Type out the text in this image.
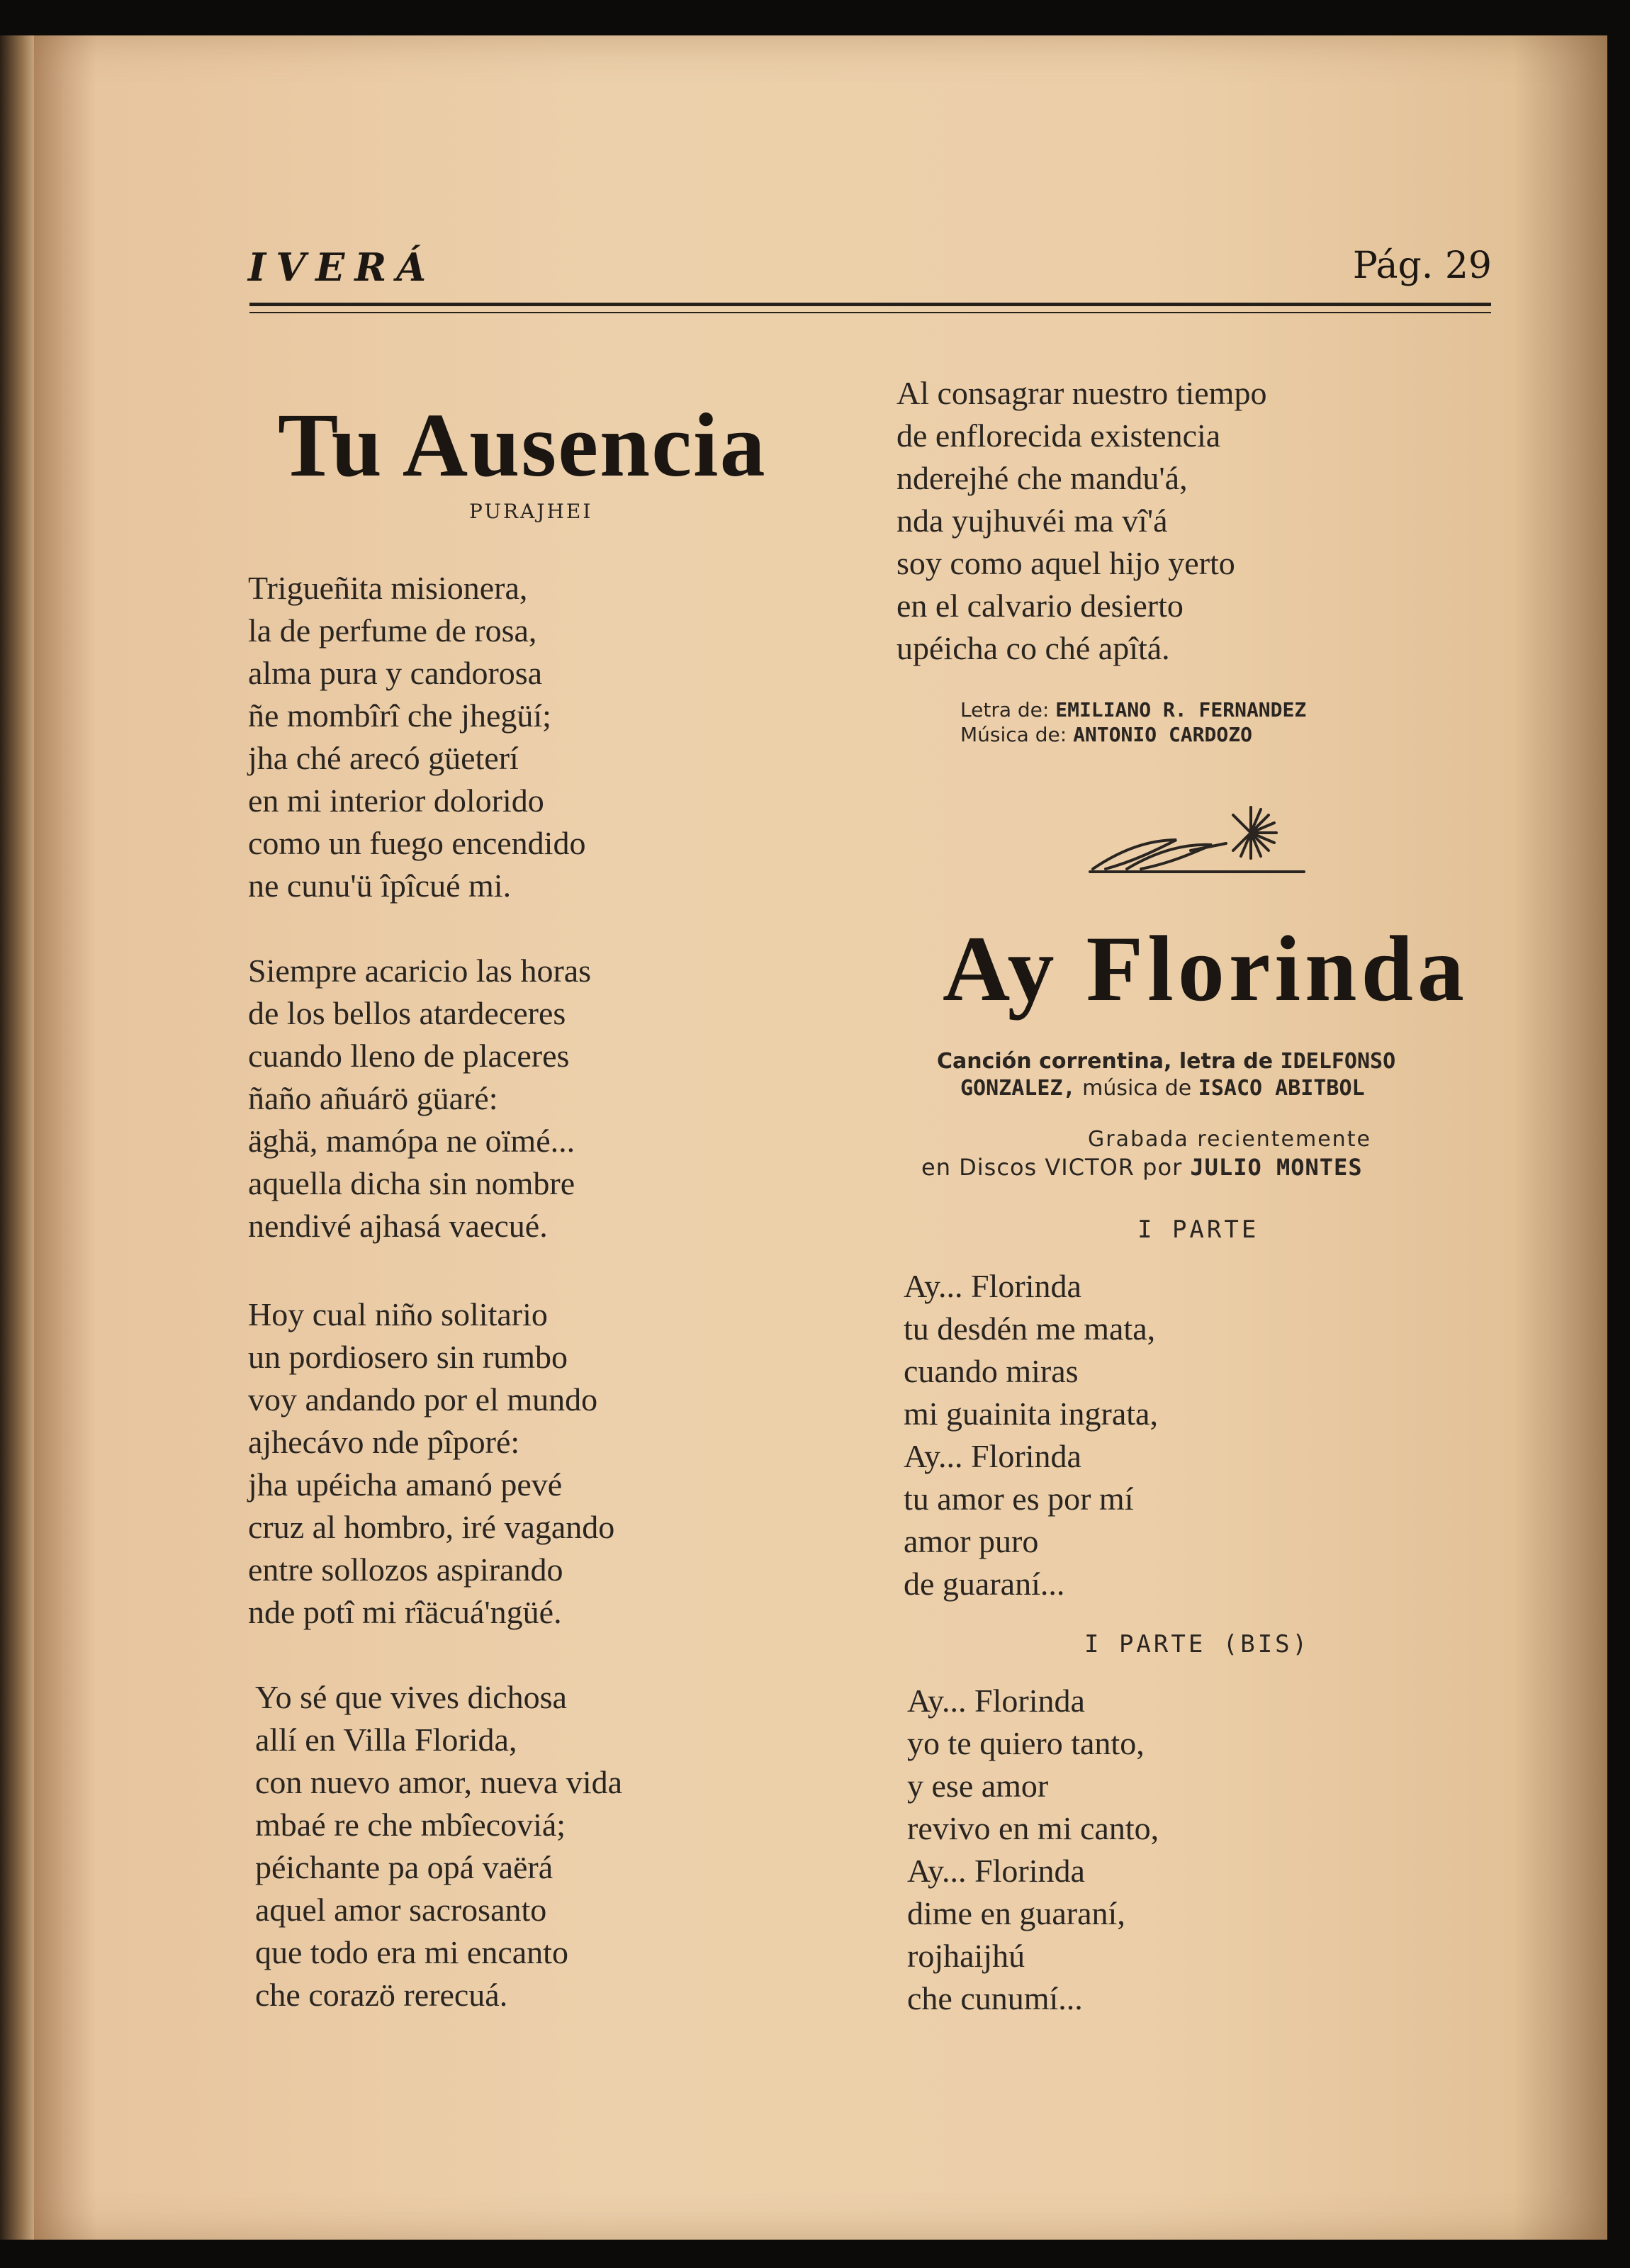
IVERÁ	Pág. 29
Tu Ausencia
PURAJHEI
Trigueñita misionera,
la de perfume de rosa,
alma pura y candorosa
ñe mombîrî che jhegüí;
jha ché arecó güeterí
en mi interior dolorido
como un fuego encendido
ne cunu'ü îpîcué mi.
Siempre acaricio las horas
de los bellos atardeceres
cuando lleno de placeres
ñaño añuárö güaré:
äghä, mamópa ne oïmé...
aquella dicha sin nombre
nendivé ajhasá vaecué.
Hoy cual niño solitario
un pordiosero sin rumbo
voy andando por el mundo
ajhecávo nde pîporé:
jha upéicha amanó pevé
cruz al hombro, iré vagando
entre sollozos aspirando
nde potî mi rîäcuá'ngüé.
Yo sé que vives dichosa
allí en Villa Florida,
con nuevo amor, nueva vida
mbaé re che mbîecoviá;
péichante pa opá vaërá
aquel amor sacrosanto
que todo era mi encanto
che corazö rerecuá.
Al consagrar nuestro tiempo
de enflorecida existencia
nderejhé che mandu'á,
nda yujhuvéi ma vî'á
soy como aquel hijo yerto
en el calvario desierto
upéicha co ché apîtá.
Letra de: EMILIANO R. FERNANDEZ
Música de: ANTONIO CARDOZO
Ay Florinda
Canción correntina, letra de IDELFONSO
GONZALEZ, música de ISACO ABITBOL
Grabada recientemente
en Discos VICTOR por JULIO MONTES
I PARTE
Ay... Florinda
tu desdén me mata,
cuando miras
mi guainita ingrata,
Ay... Florinda
tu amor es por mí
amor puro
de guaraní...
I PARTE (BIS)
Ay... Florinda
yo te quiero tanto,
y ese amor
revivo en mi canto,
Ay... Florinda
dime en guaraní,
rojhaijhú
che cunumí...
